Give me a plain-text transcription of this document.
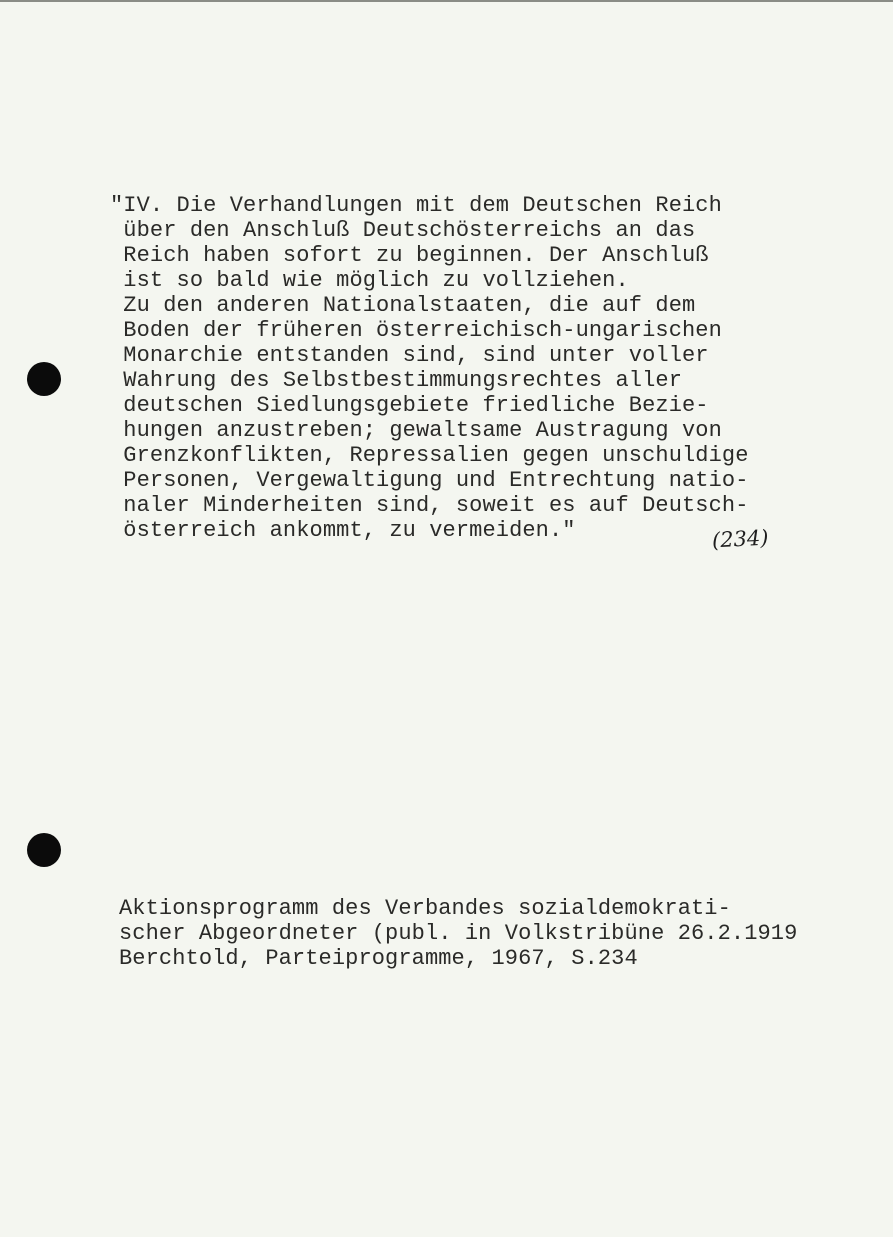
"IV. Die Verhandlungen mit dem Deutschen Reich
über den Anschluß Deutschösterreichs an das
Reich haben sofort zu beginnen. Der Anschluß
ist so bald wie möglich zu vollziehen.
Zu den anderen Nationalstaaten, die auf dem
Boden der früheren österreichisch-ungarischen
Monarchie entstanden sind, sind unter voller
Wahrung des Selbstbestimmungsrechtes aller
deutschen Siedlungsgebiete friedliche Bezie-
hungen anzustreben; gewaltsame Austragung von
Grenzkonflikten, Repressalien gegen unschuldige
Personen, Vergewaltigung und Entrechtung natio-
naler Minderheiten sind, soweit es auf Deutsch-
österreich ankommt, zu vermeiden."	(234)
Aktionsprogramm des Verbandes sozialdemokrati-
scher Abgeordneter (publ. in Volkstribüne 26.2.1919
Berchtold, Parteiprogramme, 1967, S.234
